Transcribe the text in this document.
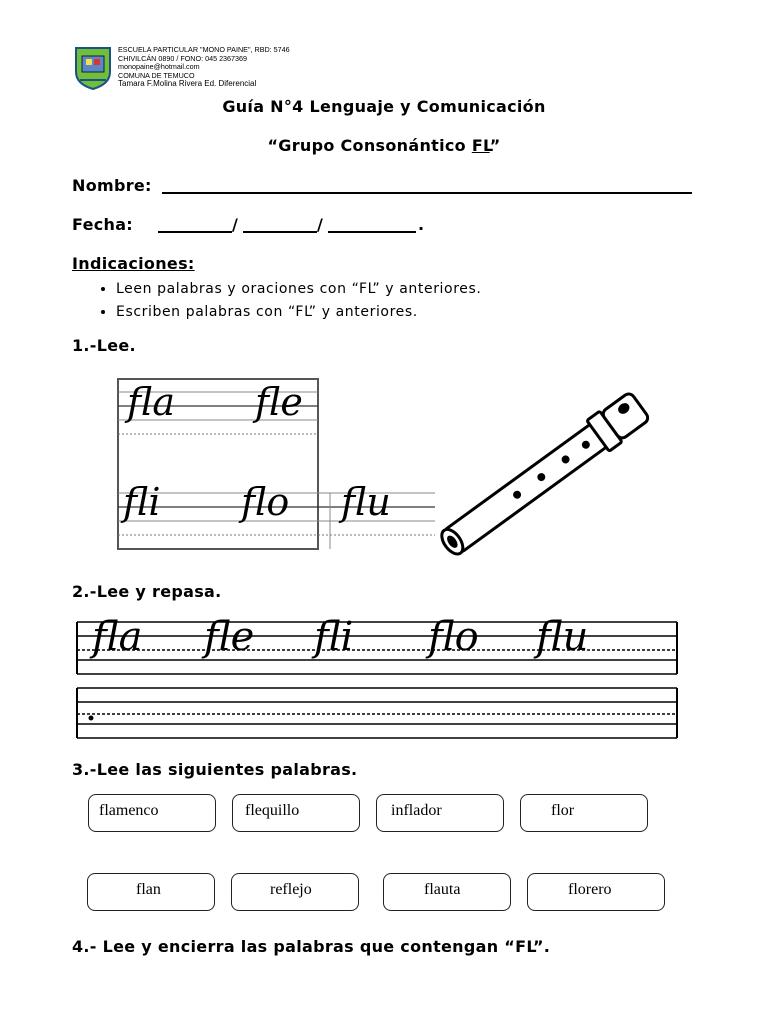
ESCUELA PARTICULAR "MONO PAINE", RBD: 5746
CHIVILCÁN 0890 / FONO: 045 2367369
monopaine@hotmail.com
COMUNA DE TEMUCO
Tamara F.Molina Rivera Ed. Diferencial
Guía N°4 Lenguaje y Comunicación
“Grupo Consonántico FL”
Nombre:
Fecha:	/	/	.
Indicaciones:
• Leen palabras y oraciones con “FL” y anteriores.
• Escriben palabras con “FL” y anteriores.
1.-Lee.
fla fle
fli flo flu
2.-Lee y repasa.
fla fle fli flo flu
3.-Lee las siguientes palabras.
flamenco	flequillo	inflador	flor
flan	reflejo	flauta	florero
4.- Lee y encierra las palabras que contengan “FL”.
